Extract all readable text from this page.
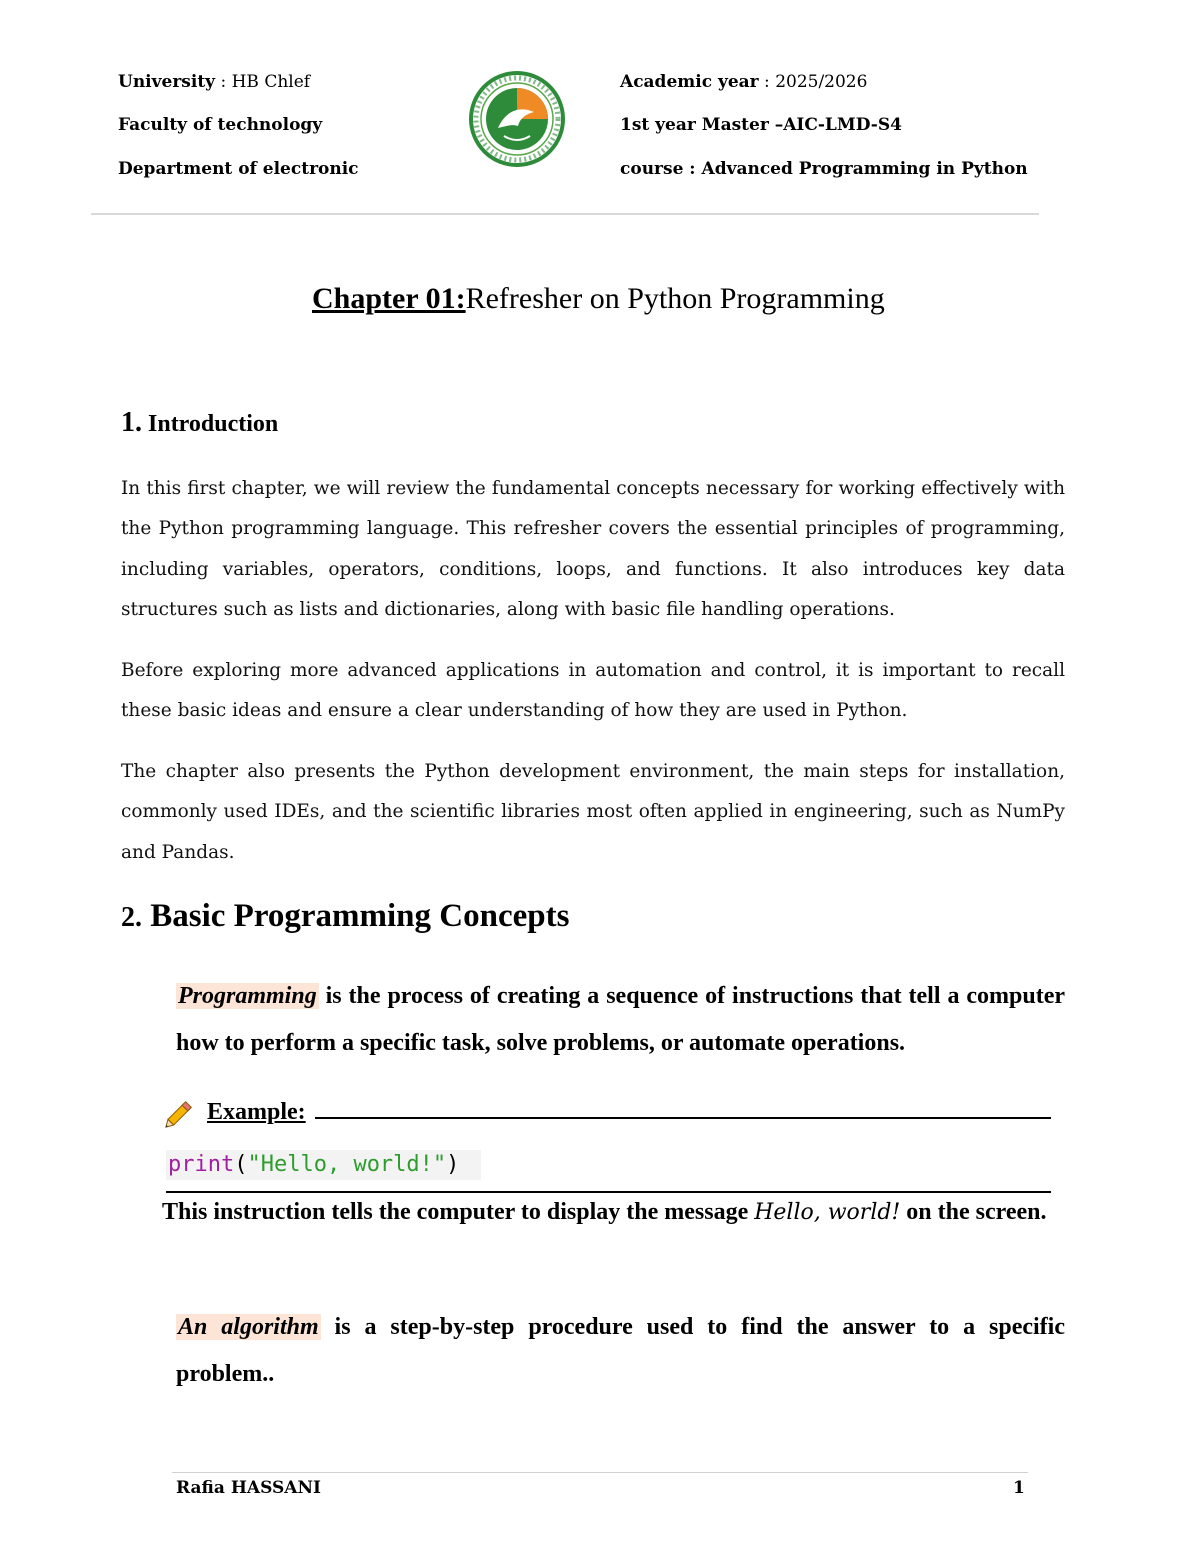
University : HB Chlef
Faculty of technology
Department of electronic
Academic year : 2025/2026
1st year Master –AIC-LMD-S4
course : Advanced Programming in Python
Chapter 01:Refresher on Python Programming
1. Introduction
In this first chapter, we will review the fundamental concepts necessary for working effectively with the Python programming language. This refresher covers the essential principles of programming, including variables, operators, conditions, loops, and functions. It also introduces key data structures such as lists and dictionaries, along with basic file handling operations.
Before exploring more advanced applications in automation and control, it is important to recall these basic ideas and ensure a clear understanding of how they are used in Python.
The chapter also presents the Python development environment, the main steps for installation, commonly used IDEs, and the scientific libraries most often applied in engineering, such as NumPy and Pandas.
2. Basic Programming Concepts
Programming is the process of creating a sequence of instructions that tell a computer how to perform a specific task, solve problems, or automate operations.
Example:
print("Hello, world!")
This instruction tells the computer to display the message Hello, world! on the screen.
An algorithm is a step-by-step procedure used to find the answer to a specific problem..
Rafia HASSANI	1
